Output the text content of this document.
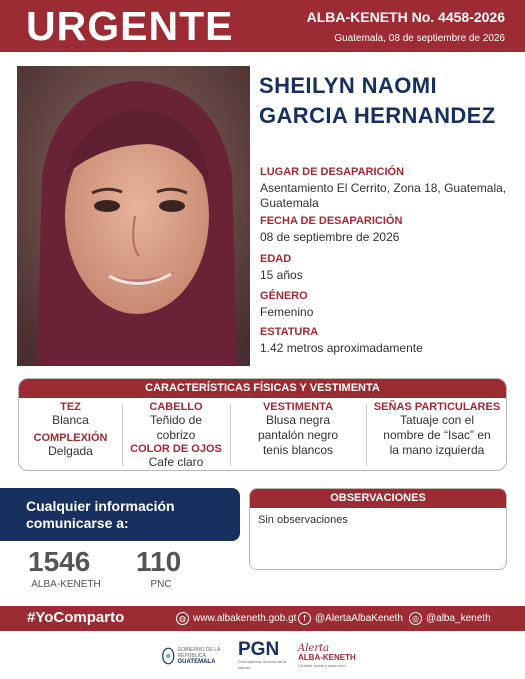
URGENTE	ALBA-KENETH No. 4458-2026
Guatemala, 08 de septiembre de 2026
SHEILYN NAOMI
GARCIA HERNANDEZ
LUGAR DE DESAPARICIÓN
Asentamiento El Cerrito, Zona 18, Guatemala, Guatemala
FECHA DE DESAPARICIÓN
08 de septiembre de 2026
EDAD
15 años
GÉNERO
Femenino
ESTATURA
1.42 metros aproximadamente
CARACTERÍSTICAS FÍSICAS Y VESTIMENTA
TEZ
Blanca
COMPLEXIÓN
Delgada
CABELLO
Teñido de
cobrizo
COLOR DE OJOS
Cafe claro
VESTIMENTA
Blusa negra
pantalón negro
tenis blancos
SEÑAS PARTICULARES
Tatuaje con el
nombre de “Isac” en
la mano izquierda
Cualquier información
comunicarse a:
1546
ALBA-KENETH
110
PNC
OBSERVACIONES
Sin observaciones
#YoComparto	◍ www.albakeneth.gob.gt f @AlertaAlbaKeneth	◎ @alba_keneth
GOBIERNO DE LA REPÚBLICA
GUATEMALA
PGN
Procuraduría General de la Nación
Alerta
ALBA-KENETH
¡Unidos, todos y cada uno!
